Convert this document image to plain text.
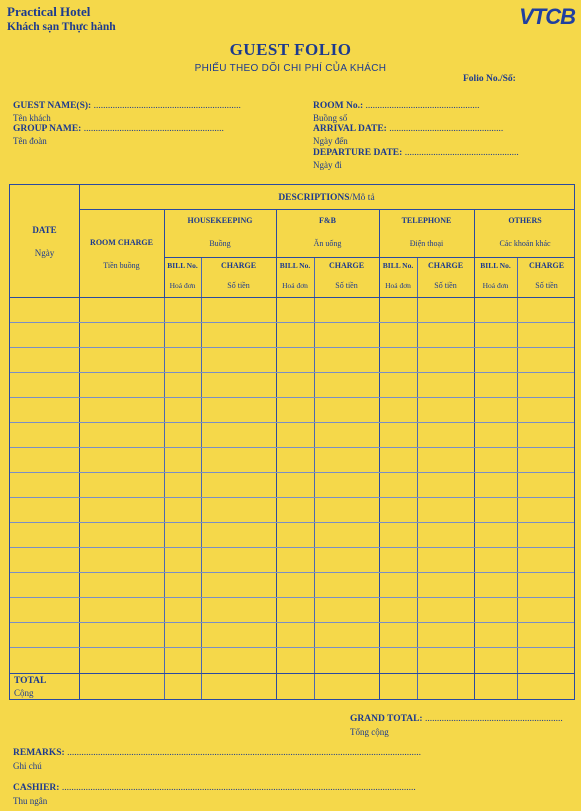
Practical Hotel
Khách sạn Thực hành	VTCB
GUEST FOLIO
PHIẾU THEO DÕI CHI PHÍ CỦA KHÁCH
Folio No./Số:
GUEST NAME(S): ..............................................................
Tên khách
GROUP NAME: ...........................................................
Tên đoàn
ROOM No.: ................................................
Buồng số
ARRIVAL DATE: ................................................
Ngày đến
DEPARTURE DATE: ................................................
Ngày đi
DATE
Ngày
DESCRIPTIONS/Mô tả
ROOM CHARGE
Tiền buồng
HOUSEKEEPING
Buồng
F&B
Ăn uống
TELEPHONE
Điện thoại
OTHERS
Các khoản khác
BILL No.
Hoá đơn
CHARGE
Số tiền
BILL No.
Hoá đơn
CHARGE
Số tiền
BILL No.
Hoá đơn
CHARGE
Số tiền
BILL No.
Hoá đơn
CHARGE
Số tiền
TOTAL
Cộng
GRAND TOTAL: ..........................................................
Tổng cộng
REMARKS: .....................................................................................................................................................
Ghi chú
CASHIER: .....................................................................................................................................................
Thu ngân
